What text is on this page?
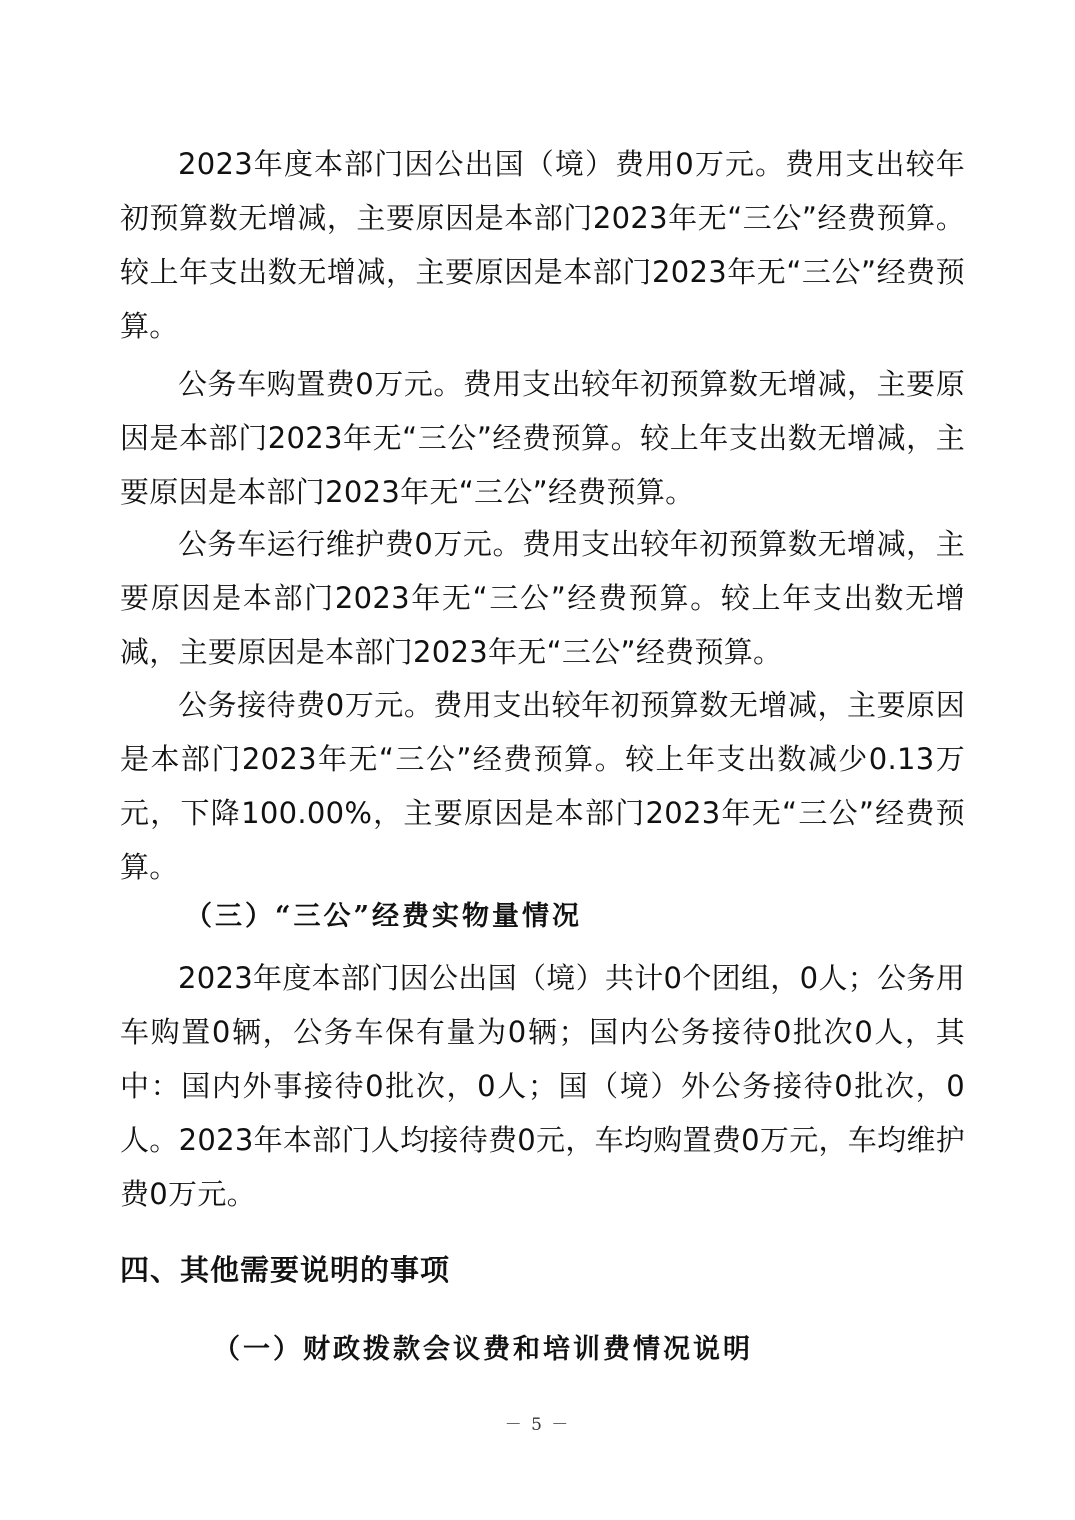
2023年度本部门因公出国（境）费用0万元。费用支出较年初预算数无增减，主要原因是本部门2023年无“三公”经费预算。较上年支出数无增减，主要原因是本部门2023年无“三公”经费预算。

公务车购置费0万元。费用支出较年初预算数无增减，主要原因是本部门2023年无“三公”经费预算。较上年支出数无增减，主要原因是本部门2023年无“三公”经费预算。

公务车运行维护费0万元。费用支出较年初预算数无增减，主要原因是本部门2023年无“三公”经费预算。较上年支出数无增减，主要原因是本部门2023年无“三公”经费预算。

公务接待费0万元。费用支出较年初预算数无增减，主要原因是本部门2023年无“三公”经费预算。较上年支出数减少0.13万元，下降100.00%，主要原因是本部门2023年无“三公”经费预算。

（三）“三公”经费实物量情况

2023年度本部门因公出国（境）共计0个团组，0人；公务用车购置0辆，公务车保有量为0辆；国内公务接待0批次0人，其中：国内外事接待0批次，0人；国（境）外公务接待0批次，0人。2023年本部门人均接待费0元，车均购置费0万元，车均维护费0万元。

四、其他需要说明的事项
（一）财政拨款会议费和培训费情况说明
－ 5 －
